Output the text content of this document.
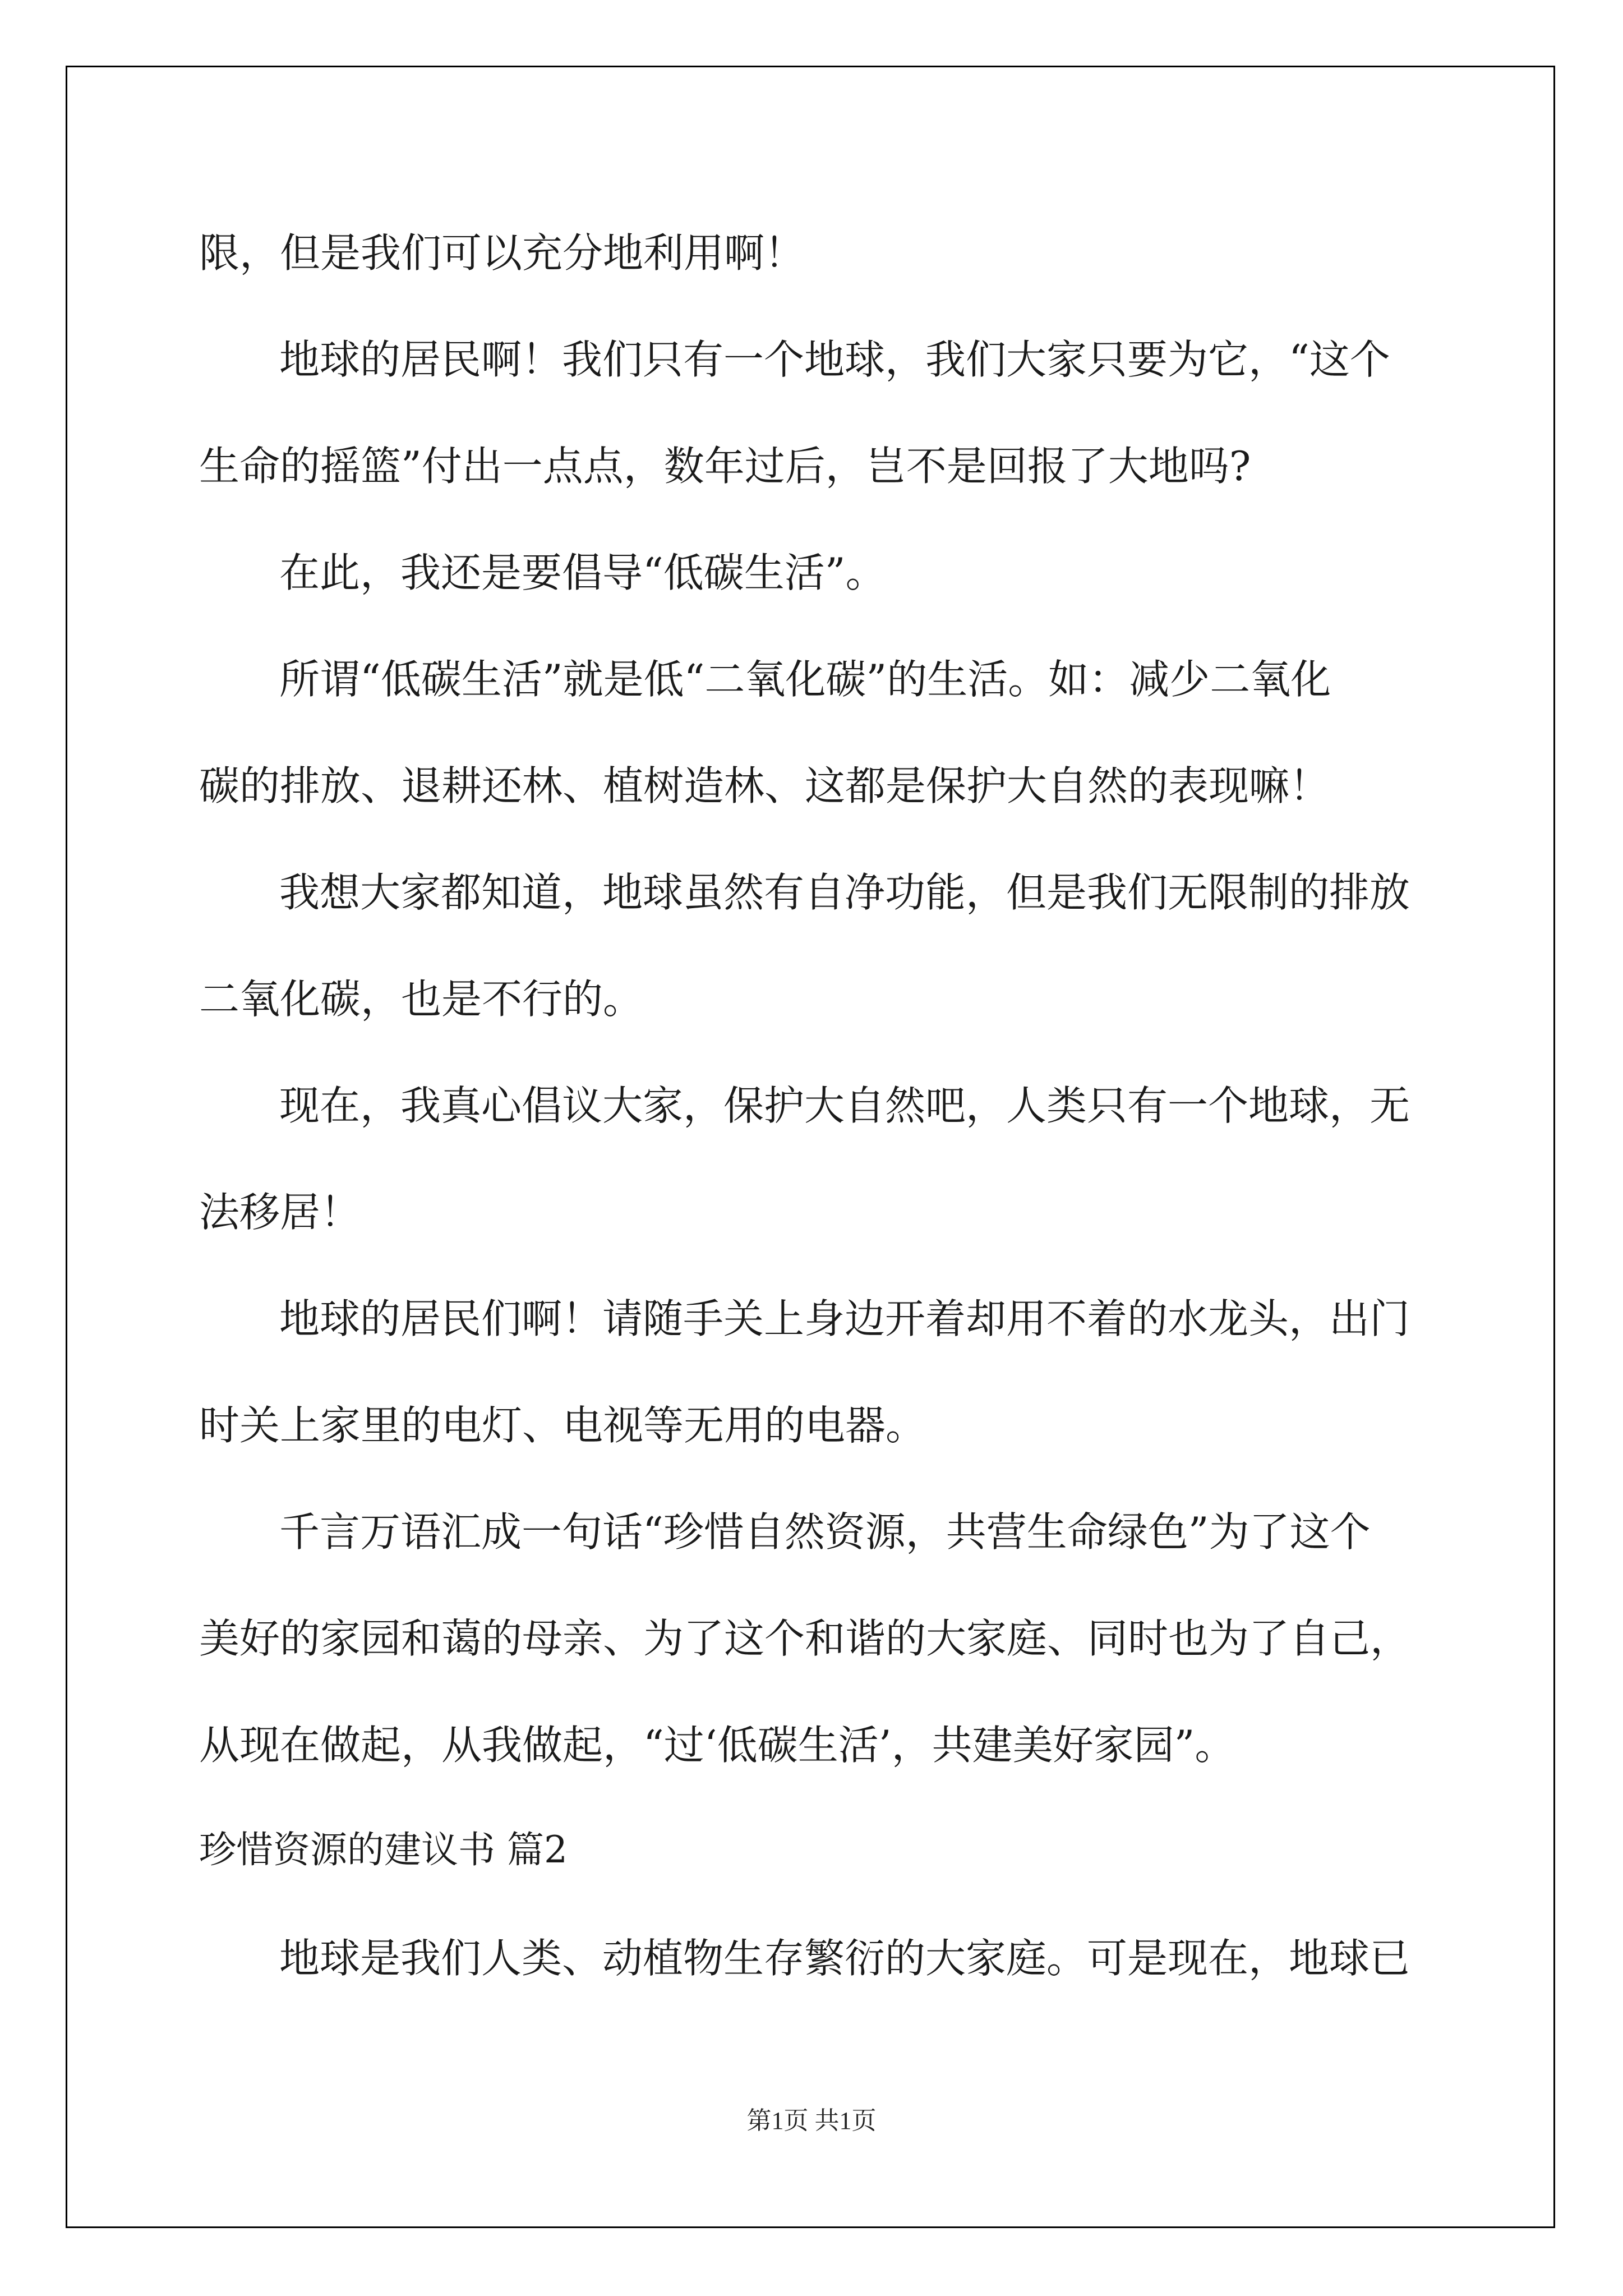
限，但是我们可以充分地利用啊！
地球的居民啊！我们只有一个地球，我们大家只要为它，“这个
生命的摇篮”付出一点点，数年过后，岂不是回报了大地吗?
在此，我还是要倡导“低碳生活”。
所谓“低碳生活”就是低“二氧化碳”的生活。如：减少二氧化
碳的排放、退耕还林、植树造林、这都是保护大自然的表现嘛！
我想大家都知道，地球虽然有自净功能，但是我们无限制的排放
二氧化碳，也是不行的。
现在，我真心倡议大家，保护大自然吧，人类只有一个地球，无
法移居！
地球的居民们啊！请随手关上身边开着却用不着的水龙头，出门
时关上家里的电灯、电视等无用的电器。
千言万语汇成一句话“珍惜自然资源，共营生命绿色”为了这个
美好的家园和蔼的母亲、为了这个和谐的大家庭、同时也为了自己，
从现在做起，从我做起，“过‘低碳生活’，共建美好家园”。
珍惜资源的建议书 篇2
地球是我们人类、动植物生存繁衍的大家庭。可是现在，地球已
第1页 共1页
